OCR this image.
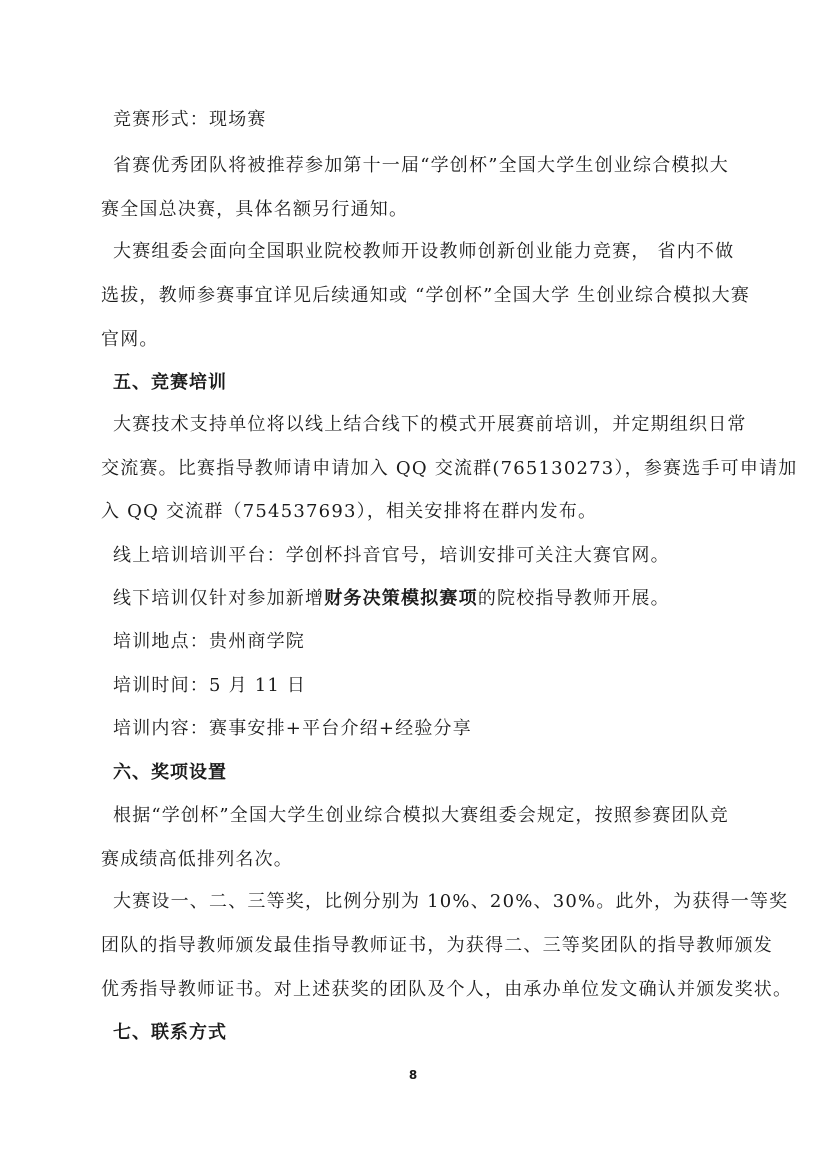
竞赛形式：现场赛
省赛优秀团队将被推荐参加第十一届“学创杯”全国大学生创业综合模拟大
赛全国总决赛，具体名额另行通知。
大赛组委会面向全国职业院校教师开设教师创新创业能力竞赛， 省内不做
选拔，教师参赛事宜详见后续通知或 “学创杯”全国大学 生创业综合模拟大赛
官网。
五、竞赛培训
大赛技术支持单位将以线上结合线下的模式开展赛前培训，并定期组织日常
交流赛。比赛指导教师请申请加入 QQ 交流群(765130273），参赛选手可申请加
入 QQ 交流群（754537693），相关安排将在群内发布。
线上培训培训平台：学创杯抖音官号，培训安排可关注大赛官网。
线下培训仅针对参加新增财务决策模拟赛项的院校指导教师开展。
培训地点：贵州商学院
培训时间：5 月 11 日
培训内容：赛事安排+平台介绍+经验分享
六、奖项设置
根据“学创杯”全国大学生创业综合模拟大赛组委会规定，按照参赛团队竞
赛成绩高低排列名次。
大赛设一、二、三等奖，比例分别为 10%、20%、30%。此外，为获得一等奖
团队的指导教师颁发最佳指导教师证书，为获得二、三等奖团队的指导教师颁发
优秀指导教师证书。对上述获奖的团队及个人，由承办单位发文确认并颁发奖状。
七、联系方式
8
